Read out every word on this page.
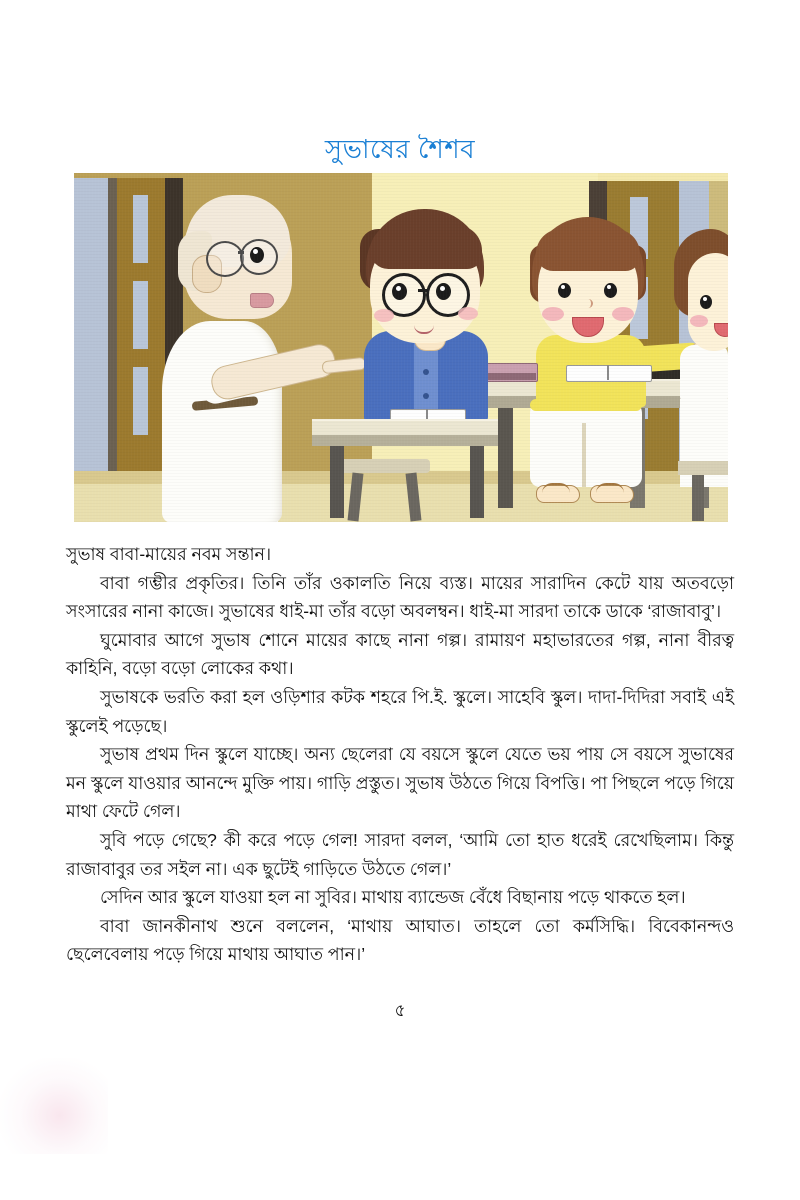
সুভাষের শৈশব

সুভাষ বাবা-মায়ের নবম সন্তান।

বাবা গম্ভীর প্রকৃতির। তিনি তাঁর ওকালতি নিয়ে ব্যস্ত। মায়ের সারাদিন কেটে যায় অতবড়ো সংসারের নানা কাজে। সুভাষের ধাই-মা তাঁর বড়ো অবলম্বন। ধাই-মা সারদা তাকে ডাকে ‘রাজাবাবু’।

ঘুমোবার আগে সুভাষ শোনে মায়ের কাছে নানা গল্প। রামায়ণ মহাভারতের গল্প, নানা বীরত্ব কাহিনি, বড়ো বড়ো লোকের কথা।

সুভাষকে ভরতি করা হল ওড়িশার কটক শহরে পি.ই. স্কুলে। সাহেবি স্কুল। দাদা-দিদিরা সবাই এই স্কুলেই পড়েছে।

সুভাষ প্রথম দিন স্কুলে যাচ্ছে। অন্য ছেলেরা যে বয়সে স্কুলে যেতে ভয় পায় সে বয়সে সুভাষের মন স্কুলে যাওয়ার আনন্দে মুক্তি পায়। গাড়ি প্রস্তুত। সুভাষ উঠতে গিয়ে বিপত্তি। পা পিছলে পড়ে গিয়ে মাথা ফেটে গেল।

সুবি পড়ে গেছে? কী করে পড়ে গেল! সারদা বলল, ‘আমি তো হাত ধরেই রেখেছিলাম। কিন্তু রাজাবাবুর তর সইল না। এক ছুটেই গাড়িতে উঠতে গেল।’

সেদিন আর স্কুলে যাওয়া হল না সুবির। মাথায় ব্যান্ডেজ বেঁধে বিছানায় পড়ে থাকতে হল।

বাবা জানকীনাথ শুনে বললেন, ‘মাথায় আঘাত। তাহলে তো কর্মসিদ্ধি। বিবেকানন্দও ছেলেবেলায় পড়ে গিয়ে মাথায় আঘাত পান।’

৫
